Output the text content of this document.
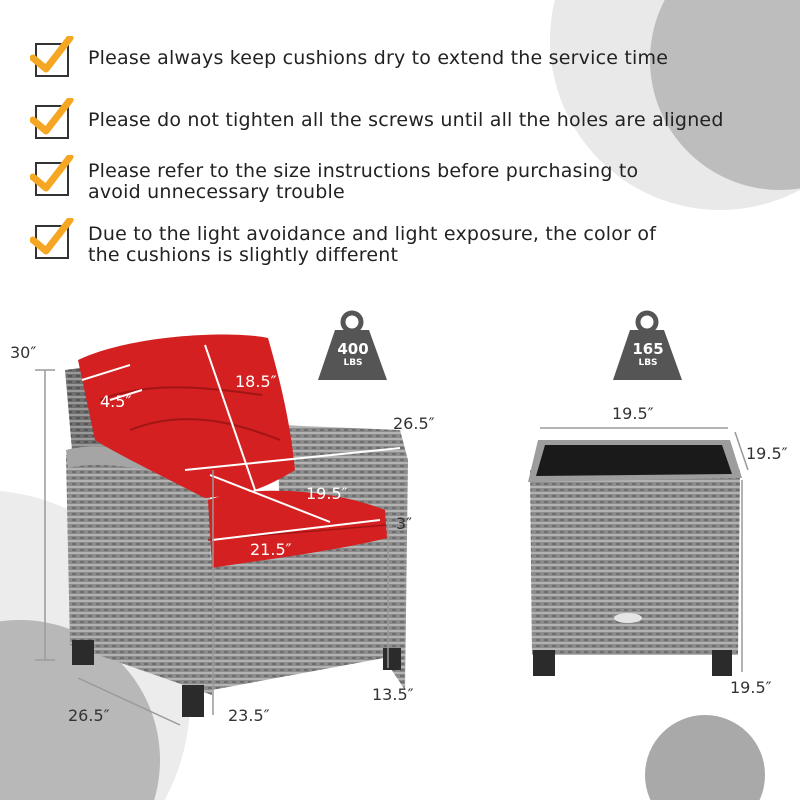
Please always keep cushions dry to extend the service time
Please do not tighten all the screws until all the holes are aligned
Please refer to the size instructions before purchasing to avoid unnecessary trouble
Due to the light avoidance and light exposure, the color of the cushions is slightly different
400
LBS
165
LBS
30″
4.5″
18.5″
26.5″
19.5″
3″
21.5″
13.5″
26.5″	23.5″
19.5″
19.5″
19.5″
